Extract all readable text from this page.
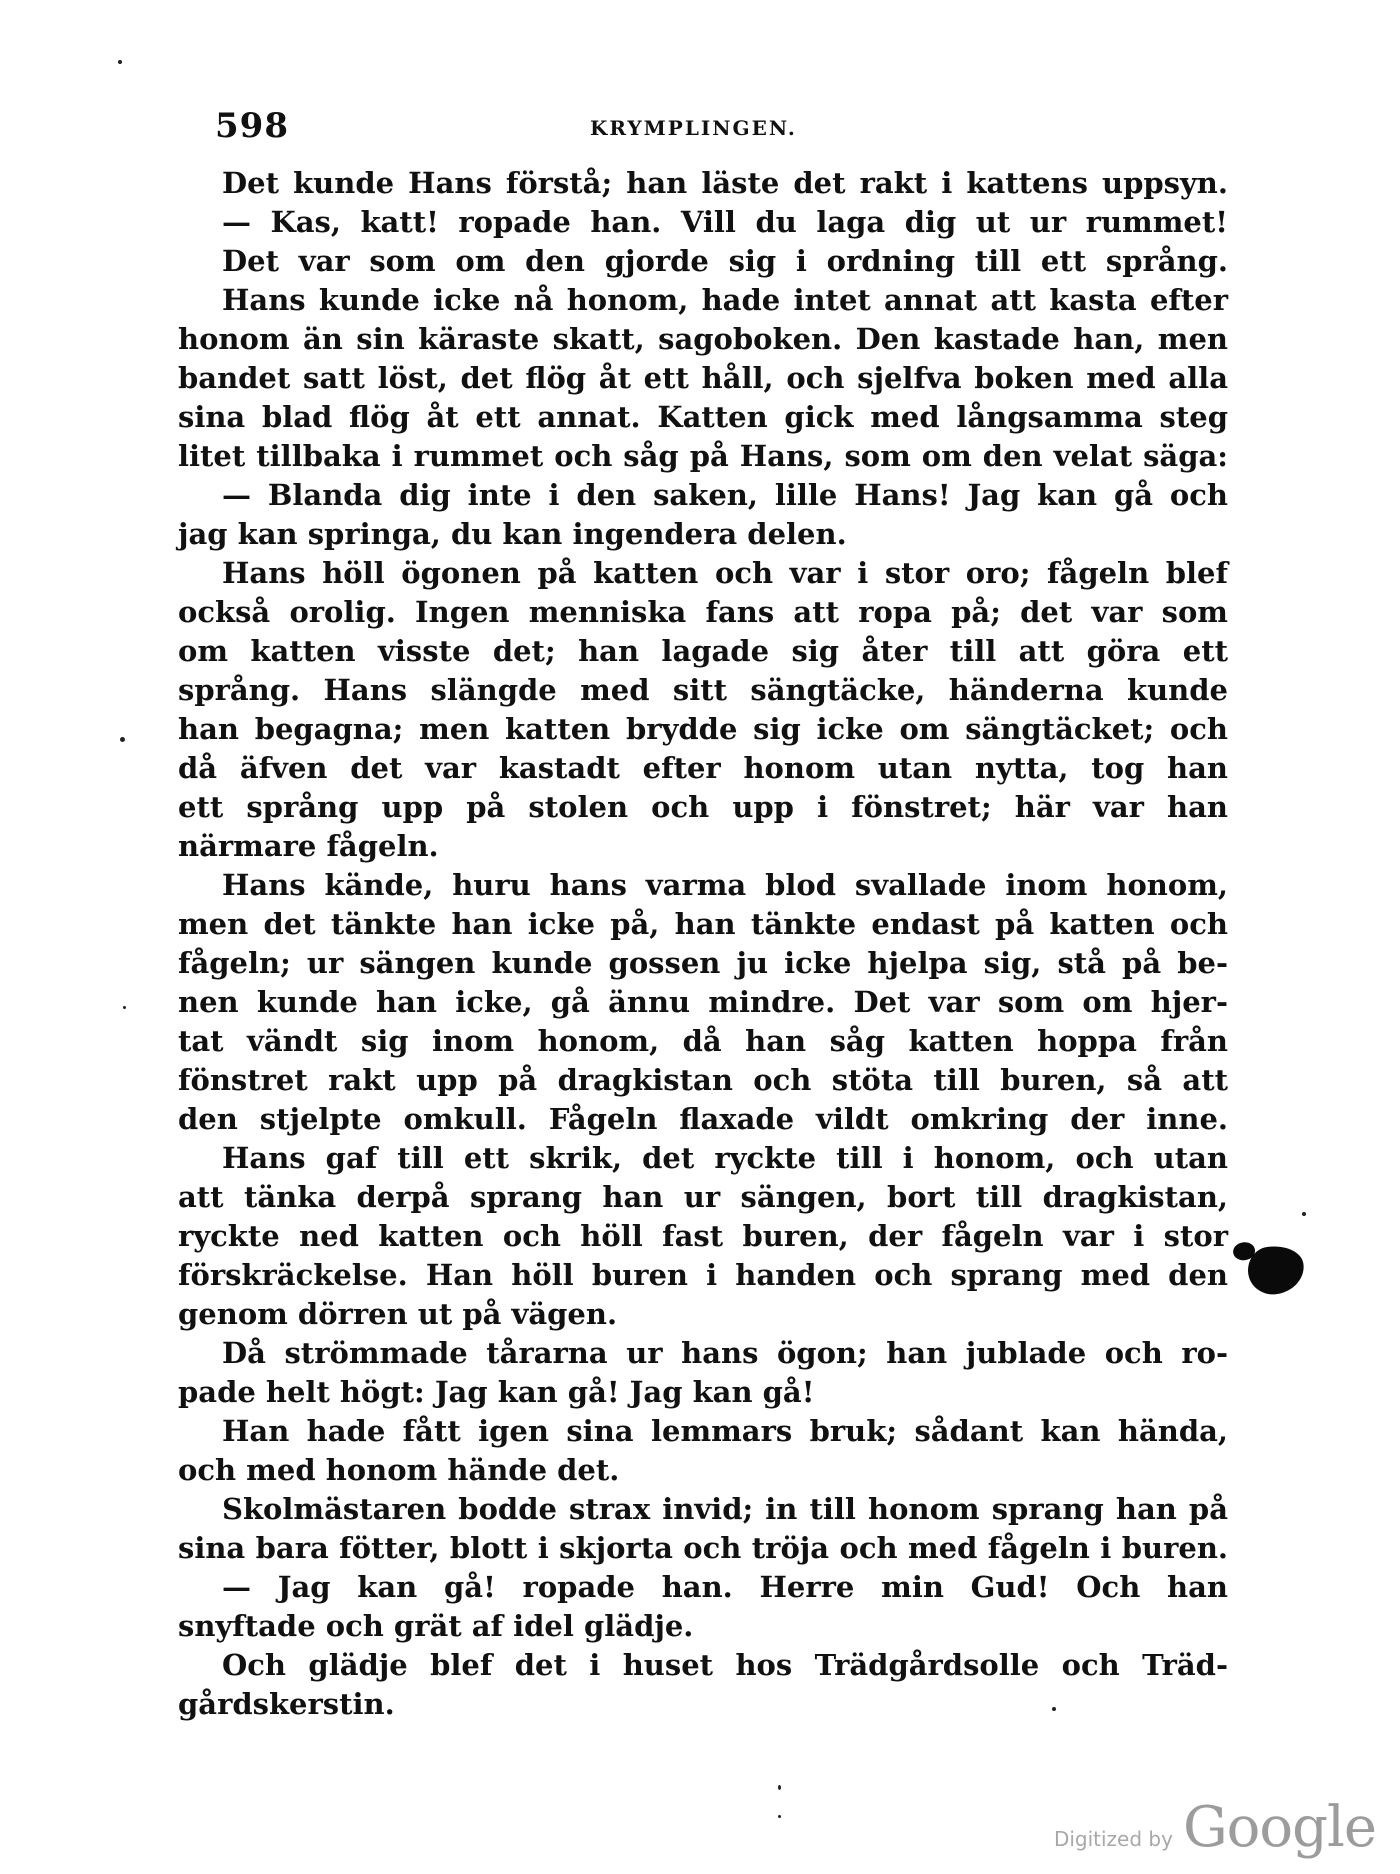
598	KRYMPLINGEN.
Det kunde Hans förstå; han läste det rakt i kattens uppsyn.
— Kas, katt! ropade han. Vill du laga dig ut ur rummet!
Det var som om den gjorde sig i ordning till ett språng.
Hans kunde icke nå honom, hade intet annat att kasta efter
honom än sin käraste skatt, sagoboken. Den kastade han, men
bandet satt löst, det flög åt ett håll, och sjelfva boken med alla
sina blad flög åt ett annat. Katten gick med långsamma steg
litet tillbaka i rummet och såg på Hans, som om den velat säga:
— Blanda dig inte i den saken, lille Hans! Jag kan gå och
jag kan springa, du kan ingendera delen.
Hans höll ögonen på katten och var i stor oro; fågeln blef
också orolig. Ingen menniska fans att ropa på; det var som
om katten visste det; han lagade sig åter till att göra ett
språng. Hans slängde med sitt sängtäcke, händerna kunde
han begagna; men katten brydde sig icke om sängtäcket; och
då äfven det var kastadt efter honom utan nytta, tog han
ett språng upp på stolen och upp i fönstret; här var han
närmare fågeln.
Hans kände, huru hans varma blod svallade inom honom,
men det tänkte han icke på, han tänkte endast på katten och
fågeln; ur sängen kunde gossen ju icke hjelpa sig, stå på be-
nen kunde han icke, gå ännu mindre. Det var som om hjer-
tat vändt sig inom honom, då han såg katten hoppa från
fönstret rakt upp på dragkistan och stöta till buren, så att
den stjelpte omkull. Fågeln flaxade vildt omkring der inne.
Hans gaf till ett skrik, det ryckte till i honom, och utan
att tänka derpå sprang han ur sängen, bort till dragkistan,
ryckte ned katten och höll fast buren, der fågeln var i stor
förskräckelse. Han höll buren i handen och sprang med den
genom dörren ut på vägen.
Då strömmade tårarna ur hans ögon; han jublade och ro-
pade helt högt: Jag kan gå! Jag kan gå!
Han hade fått igen sina lemmars bruk; sådant kan hända,
och med honom hände det.
Skolmästaren bodde strax invid; in till honom sprang han på
sina bara fötter, blott i skjorta och tröja och med fågeln i buren.
— Jag kan gå! ropade han. Herre min Gud! Och han
snyftade och grät af idel glädje.
Och glädje blef det i huset hos Trädgårdsolle och Träd-
gårdskerstin.
Digitized by Google
